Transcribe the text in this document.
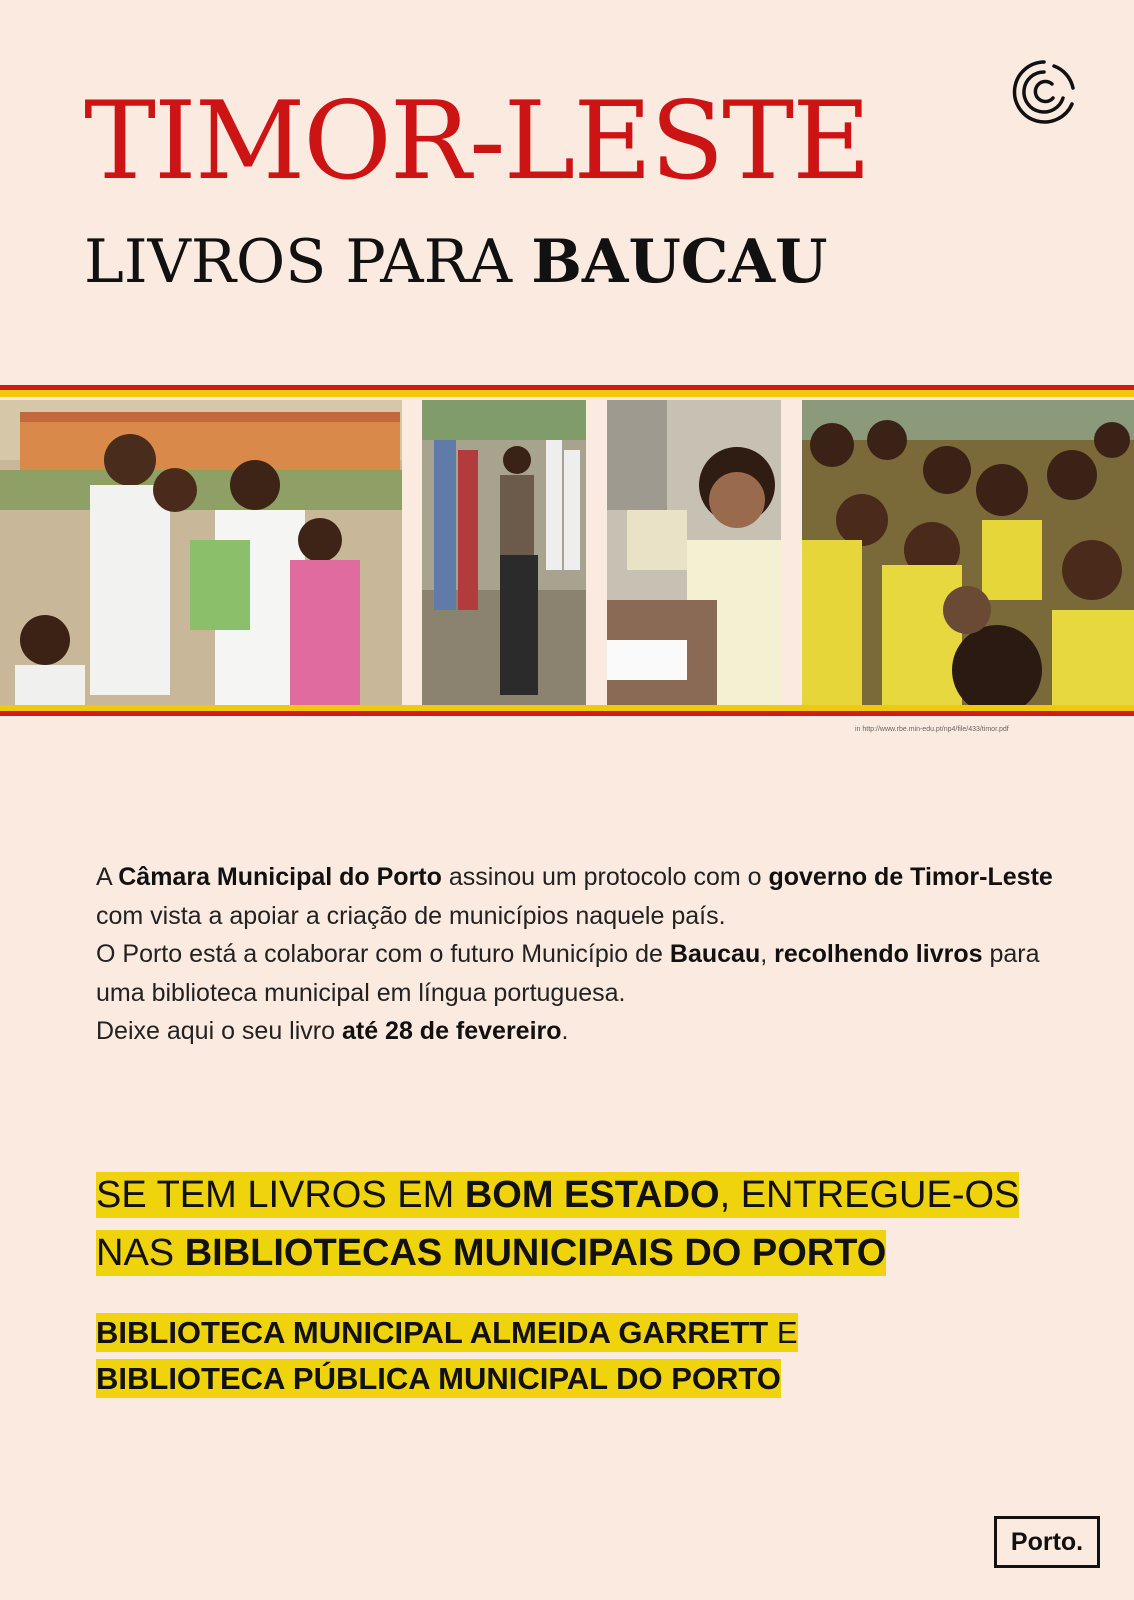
TIMOR-LESTE
LIVROS PARA BAUCAU
in http://www.rbe.min-edu.pt/np4/file/433/timor.pdf

A Câmara Municipal do Porto assinou um protocolo com o governo de Timor-Leste com vista a apoiar a criação de municípios naquele país.

O Porto está a colaborar com o futuro Município de Baucau, recolhendo livros para uma biblioteca municipal em língua portuguesa.

Deixe aqui o seu livro até 28 de fevereiro.

SE TEM LIVROS EM BOM ESTADO, ENTREGUE-OS
NAS BIBLIOTECAS MUNICIPAIS DO PORTO
BIBLIOTECA MUNICIPAL ALMEIDA GARRETT E
BIBLIOTECA PÚBLICA MUNICIPAL DO PORTO
Porto.
